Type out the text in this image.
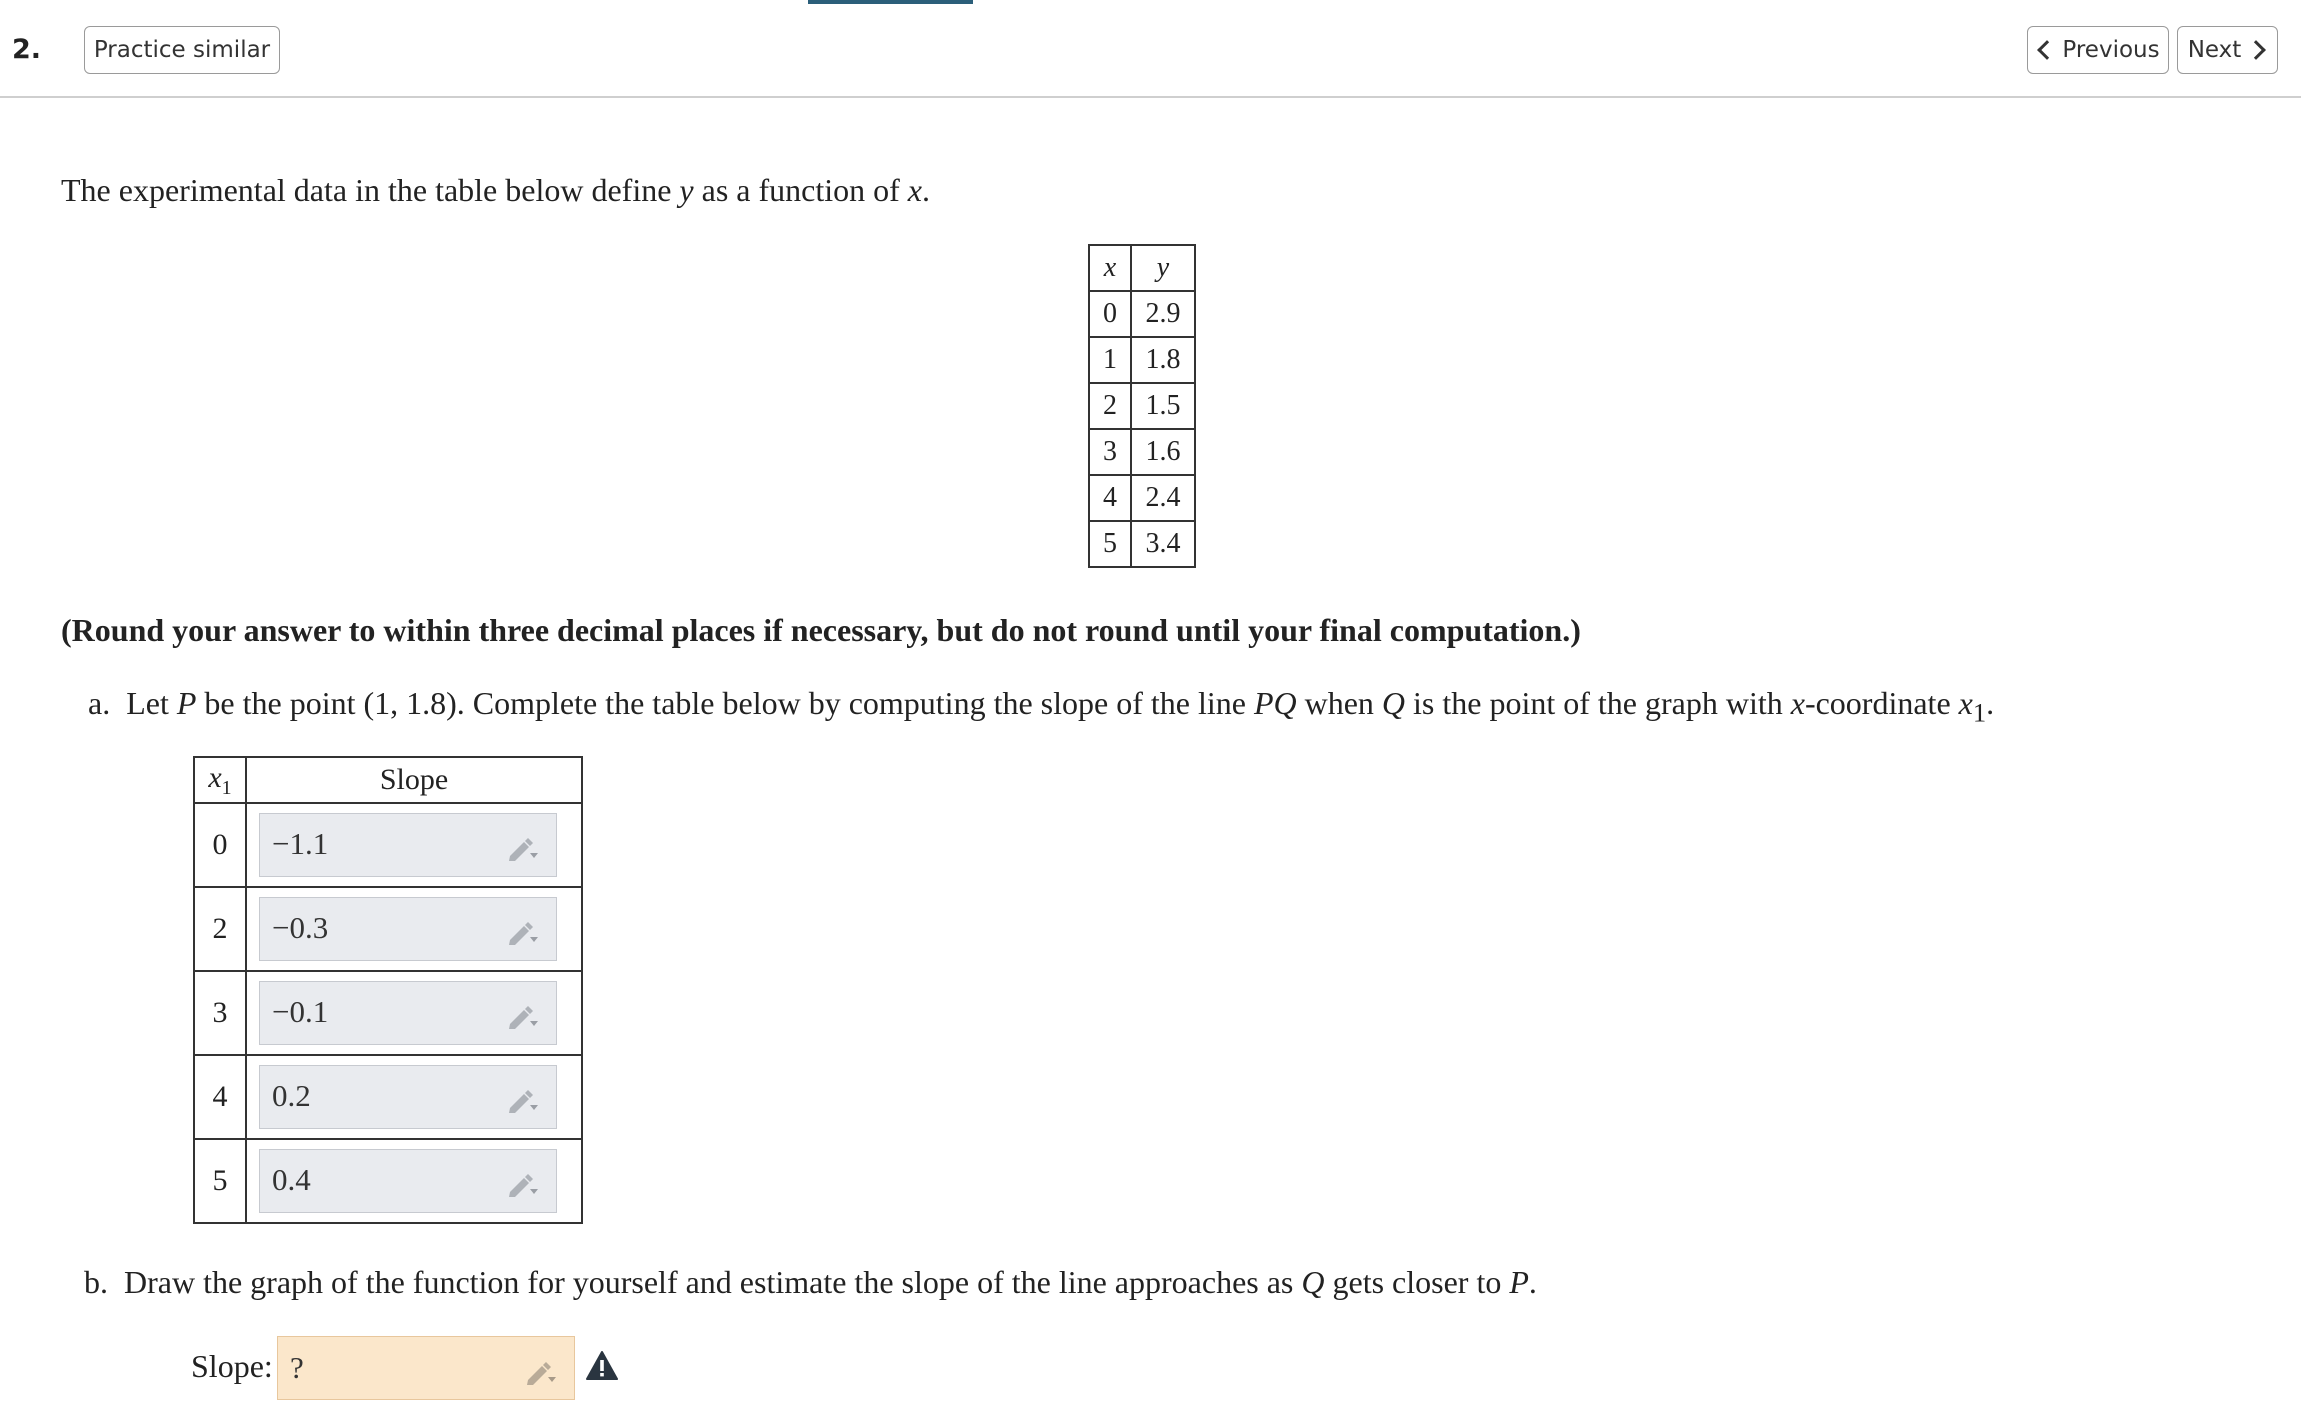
2.	Practice similar	Previous Next
The experimental data in the table below define y as a function of x.
x	y
0	2.9
1	1.8
2	1.5
3	1.6
4	2.4
5	3.4
(Round your answer to within three decimal places if necessary, but do not round until your final computation.)
a. Let P be the point (1, 1.8). Complete the table below by computing the slope of the line PQ when Q is the point of the graph with x-coordinate $x_1$.
$x_1$	Slope
0	−1.1

2	−0.3

3	−0.1

4	0.2

5	0.4
b. Draw the graph of the function for yourself and estimate the slope of the line approaches as Q gets closer to P.
Slope: ?
